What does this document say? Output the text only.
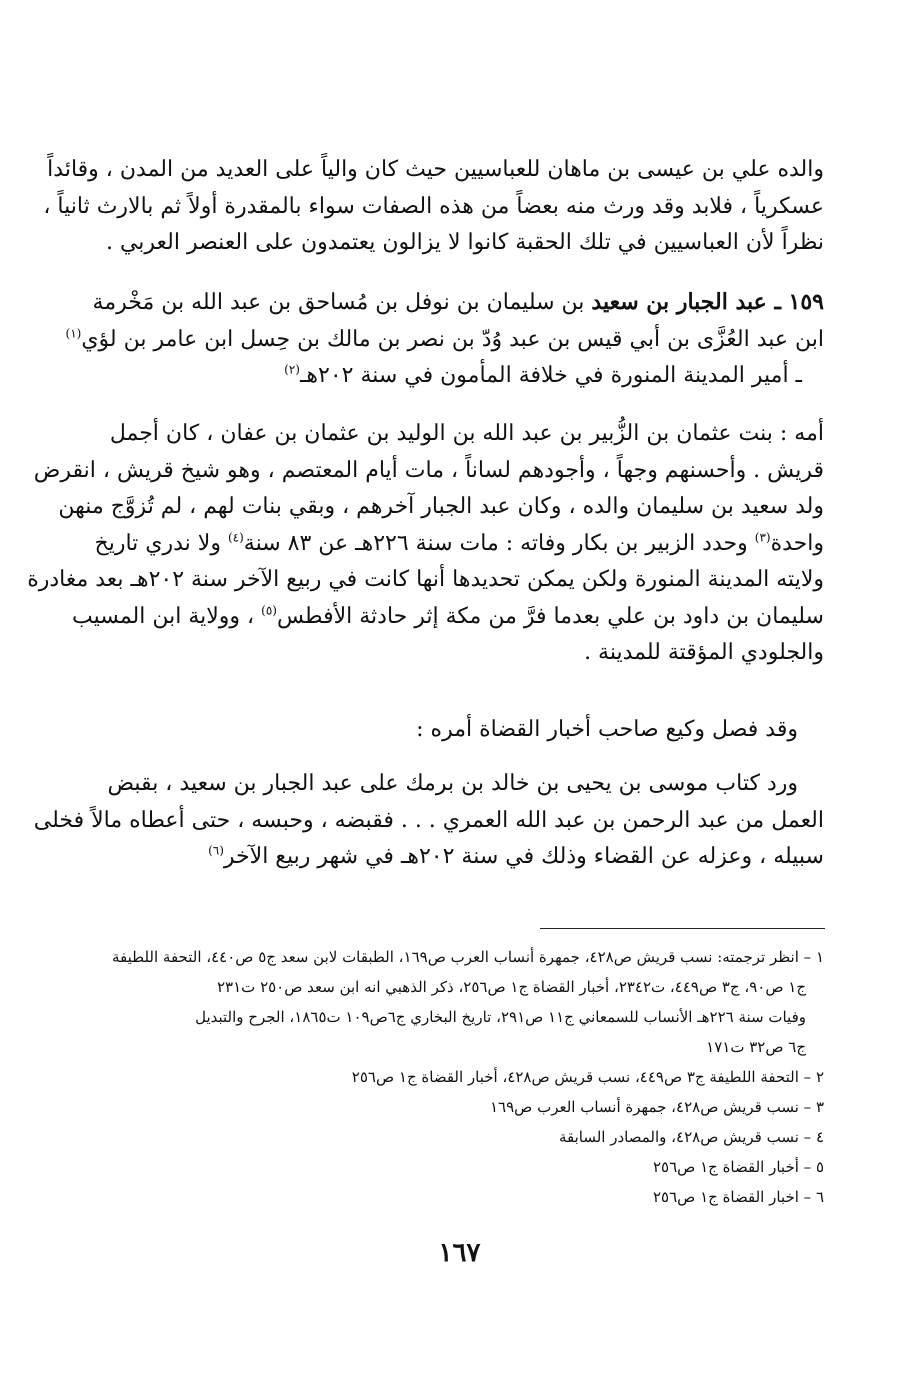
والده علي بن عيسى بن ماهان للعباسيين حيث كان والياً على العديد من المدن ، وقائداً
عسكرياً ، فلابد وقد ورث منه بعضاً من هذه الصفات سواء بالمقدرة أولاً ثم بالارث ثانياً ،
نظراً لأن العباسيين في تلك الحقبة كانوا لا يزالون يعتمدون على العنصر العربي .
١٥٩ ـ عبد الجبار بن سعيد بن سليمان بن نوفل بن مُساحق بن عبد الله بن مَخْرمة
ابن عبد العُزَّى بن أبي قيس بن عبد وُدّ بن نصر بن مالك بن حِسل ابن عامر بن لؤي$^{(١)}$
ـ أمير المدينة المنورة في خلافة المأمون في سنة ٢٠٢هـ$^{(٢)}$
أمه : بنت عثمان بن الزُّبير بن عبد الله بن الوليد بن عثمان بن عفان ، كان أجمل
قريش . وأحسنهم وجهاً ، وأجودهم لساناً ، مات أيام المعتصم ، وهو شيخ قريش ، انقرض
ولد سعيد بن سليمان والده ، وكان عبد الجبار آخرهم ، وبقي بنات لهم ، لم تُزوَّج منهن
واحدة$^{(٣)}$ وحدد الزبير بن بكار وفاته : مات سنة ٢٢٦هـ عن ٨٣ سنة$^{(٤)}$ ولا ندري تاريخ
ولايته المدينة المنورة ولكن يمكن تحديدها أنها كانت في ربيع الآخر سنة ٢٠٢هـ بعد مغادرة
سليمان بن داود بن علي بعدما فرَّ من مكة إثر حادثة الأفطس$^{(٥)}$ ، وولاية ابن المسيب
والجلودي المؤقتة للمدينة .
وقد فصل وكيع صاحب أخبار القضاة أمره :
ورد كتاب موسى بن يحيى بن خالد بن برمك على عبد الجبار بن سعيد ، بقبض
العمل من عبد الرحمن بن عبد الله العمري . . . فقبضه ، وحبسه ، حتى أعطاه مالاً فخلى
سبيله ، وعزله عن القضاء وذلك في سنة ٢٠٢هـ في شهر ربيع الآخر$^{(٦)}$
١ – انظر ترجمته: نسب قريش ص٤٢٨، جمهرة أنساب العرب ص١٦٩، الطبقات لابن سعد ج٥ ص٤٤٠، التحفة اللطيفة
ج١ ص٩٠، ج٣ ص٤٤٩، ت٢٣٤٢، أخبار القضاة ج١ ص٢٥٦، ذكر الذهبي انه ابن سعد ص٢٥٠ ت٢٣١
وفيات سنة ٢٢٦هـ الأنساب للسمعاني ج١١ ص٢٩١، تاريخ البخاري ج٦ص١٠٩ ت١٨٦٥، الجرح والتبديل
ج٦ ص٣٢ ت١٧١
٢ – التحفة اللطيفة ج٣ ص٤٤٩، نسب قريش ص٤٢٨، أخبار القضاة ج١ ص٢٥٦
٣ – نسب قريش ص٤٢٨، جمهرة أنساب العرب ص١٦٩
٤ – نسب قريش ص٤٢٨، والمصادر السابقة
٥ – أخبار القضاة ج١ ص٢٥٦
٦ – اخبار القضاة ج١ ص٢٥٦
١٦٧
